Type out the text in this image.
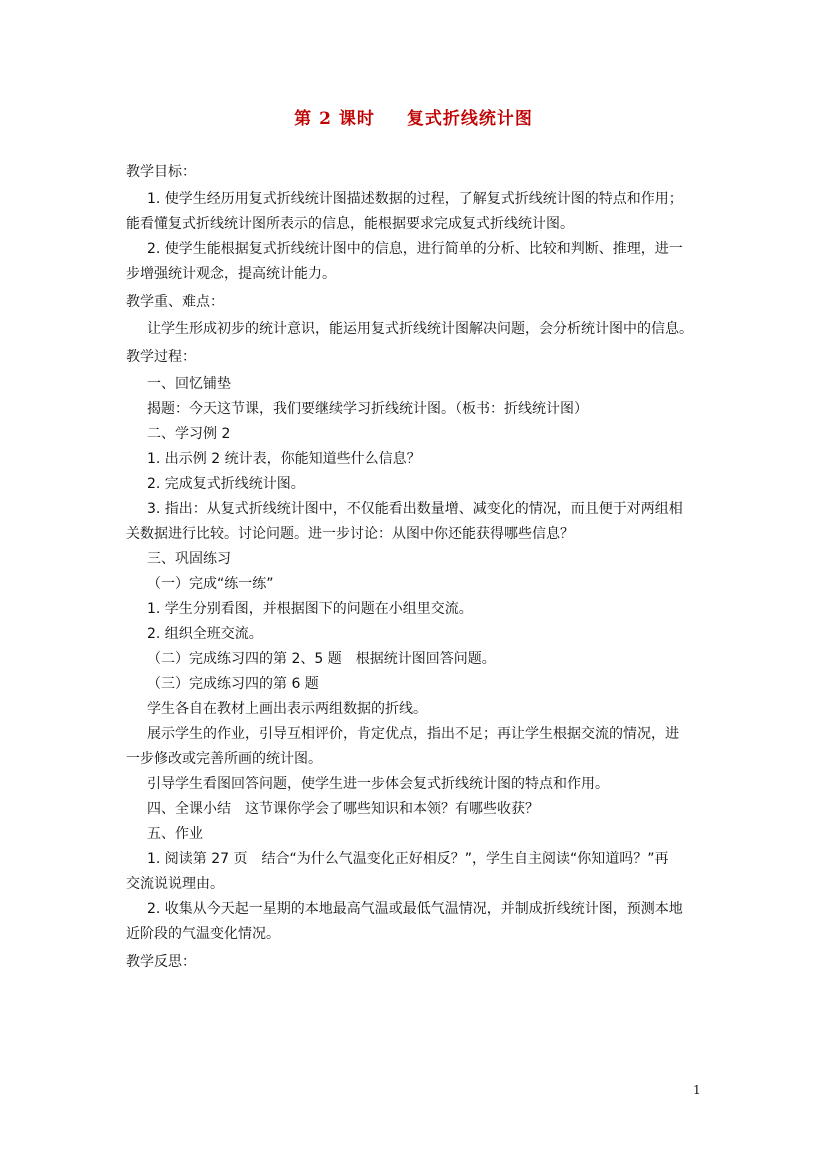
第 2 课时 复式折线统计图
教学目标：
1. 使学生经历用复式折线统计图描述数据的过程，了解复式折线统计图的特点和作用；
能看懂复式折线统计图所表示的信息，能根据要求完成复式折线统计图。
2. 使学生能根据复式折线统计图中的信息，进行简单的分析、比较和判断、推理，进一
步增强统计观念，提高统计能力。
教学重、难点：
让学生形成初步的统计意识，能运用复式折线统计图解决问题，会分析统计图中的信息。
教学过程：
一、回忆铺垫
揭题：今天这节课，我们要继续学习折线统计图。（板书：折线统计图）
二、学习例 2
1. 出示例 2 统计表，你能知道些什么信息？
2. 完成复式折线统计图。
3. 指出：从复式折线统计图中，不仅能看出数量增、减变化的情况，而且便于对两组相
关数据进行比较。讨论问题。进一步讨论：从图中你还能获得哪些信息？
三、巩固练习
（一）完成“练一练”
1. 学生分别看图，并根据图下的问题在小组里交流。
2. 组织全班交流。
（二）完成练习四的第 2、5 题　根据统计图回答问题。
（三）完成练习四的第 6 题
学生各自在教材上画出表示两组数据的折线。
展示学生的作业，引导互相评价，肯定优点，指出不足；再让学生根据交流的情况，进
一步修改或完善所画的统计图。
引导学生看图回答问题，使学生进一步体会复式折线统计图的特点和作用。
四、全课小结　这节课你学会了哪些知识和本领？有哪些收获？
五、作业
1. 阅读第 27 页　结合“为什么气温变化正好相反？”，学生自主阅读“你知道吗？”再
交流说说理由。
2. 收集从今天起一星期的本地最高气温或最低气温情况，并制成折线统计图，预测本地
近阶段的气温变化情况。
教学反思：
1
